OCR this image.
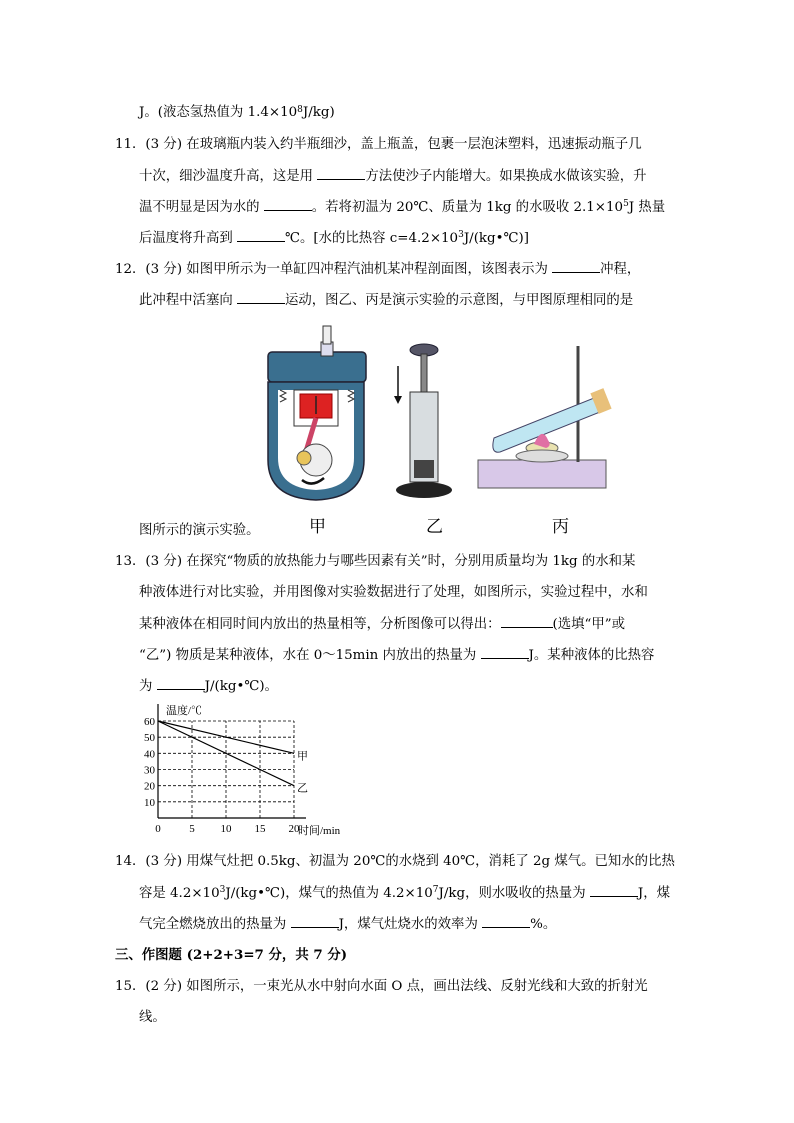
J。(液态氢热值为 $1.4\times 10^8J/kg$)
11．(3 分) 在玻璃瓶内装入约半瓶细沙，盖上瓶盖，包裹一层泡沫塑料，迅速振动瓶子几
十次，细沙温度升高，这是用	方法使沙子内能增大。如果换成水做该实验，升
温不明显是因为水的	。若将初温为 20℃、质量为 1kg 的水吸收 $2.1\times 10^5J$ 热量
后温度将升高到	℃。[水的比热容 $c=4.2\times 10^3J/(kg•℃)$]
12．(3 分) 如图甲所示为一单缸四冲程汽油机某冲程剖面图，该图表示为	冲程，
此冲程中活塞向	运动，图乙、丙是演示实验的示意图，与甲图原理相同的是
甲	乙	丙
图所示的演示实验。
13．(3 分) 在探究“物质的放热能力与哪些因素有关”时，分别用质量均为 1kg 的水和某
种液体进行对比实验，并用图像对实验数据进行了处理，如图所示，实验过程中，水和
某种液体在相同时间内放出的热量相等，分析图像可以得出：	(选填“甲”或
“乙”) 物质是某种液体，水在 0～15min 内放出的热量为	J。某种液体的比热容
为	J/(kg•℃)。
0	5 10 15 20
10
20
30
40
50
60
温度/℃
时间/min
甲
乙
14．(3 分) 用煤气灶把 0.5kg、初温为 20℃的水烧到 40℃，消耗了 2g 煤气。已知水的比热
容是 $4.2\times 10^3J/(kg•℃)$，煤气的热值为 $4.2\times 10^7J/kg$，则水吸收的热量为	J，煤
气完全燃烧放出的热量为	J，煤气灶烧水的效率为	%。
三、作图题 (2+2+3=7 分，共 7 分)
15．(2 分) 如图所示，一束光从水中射向水面 O 点，画出法线、反射光线和大致的折射光
线。
